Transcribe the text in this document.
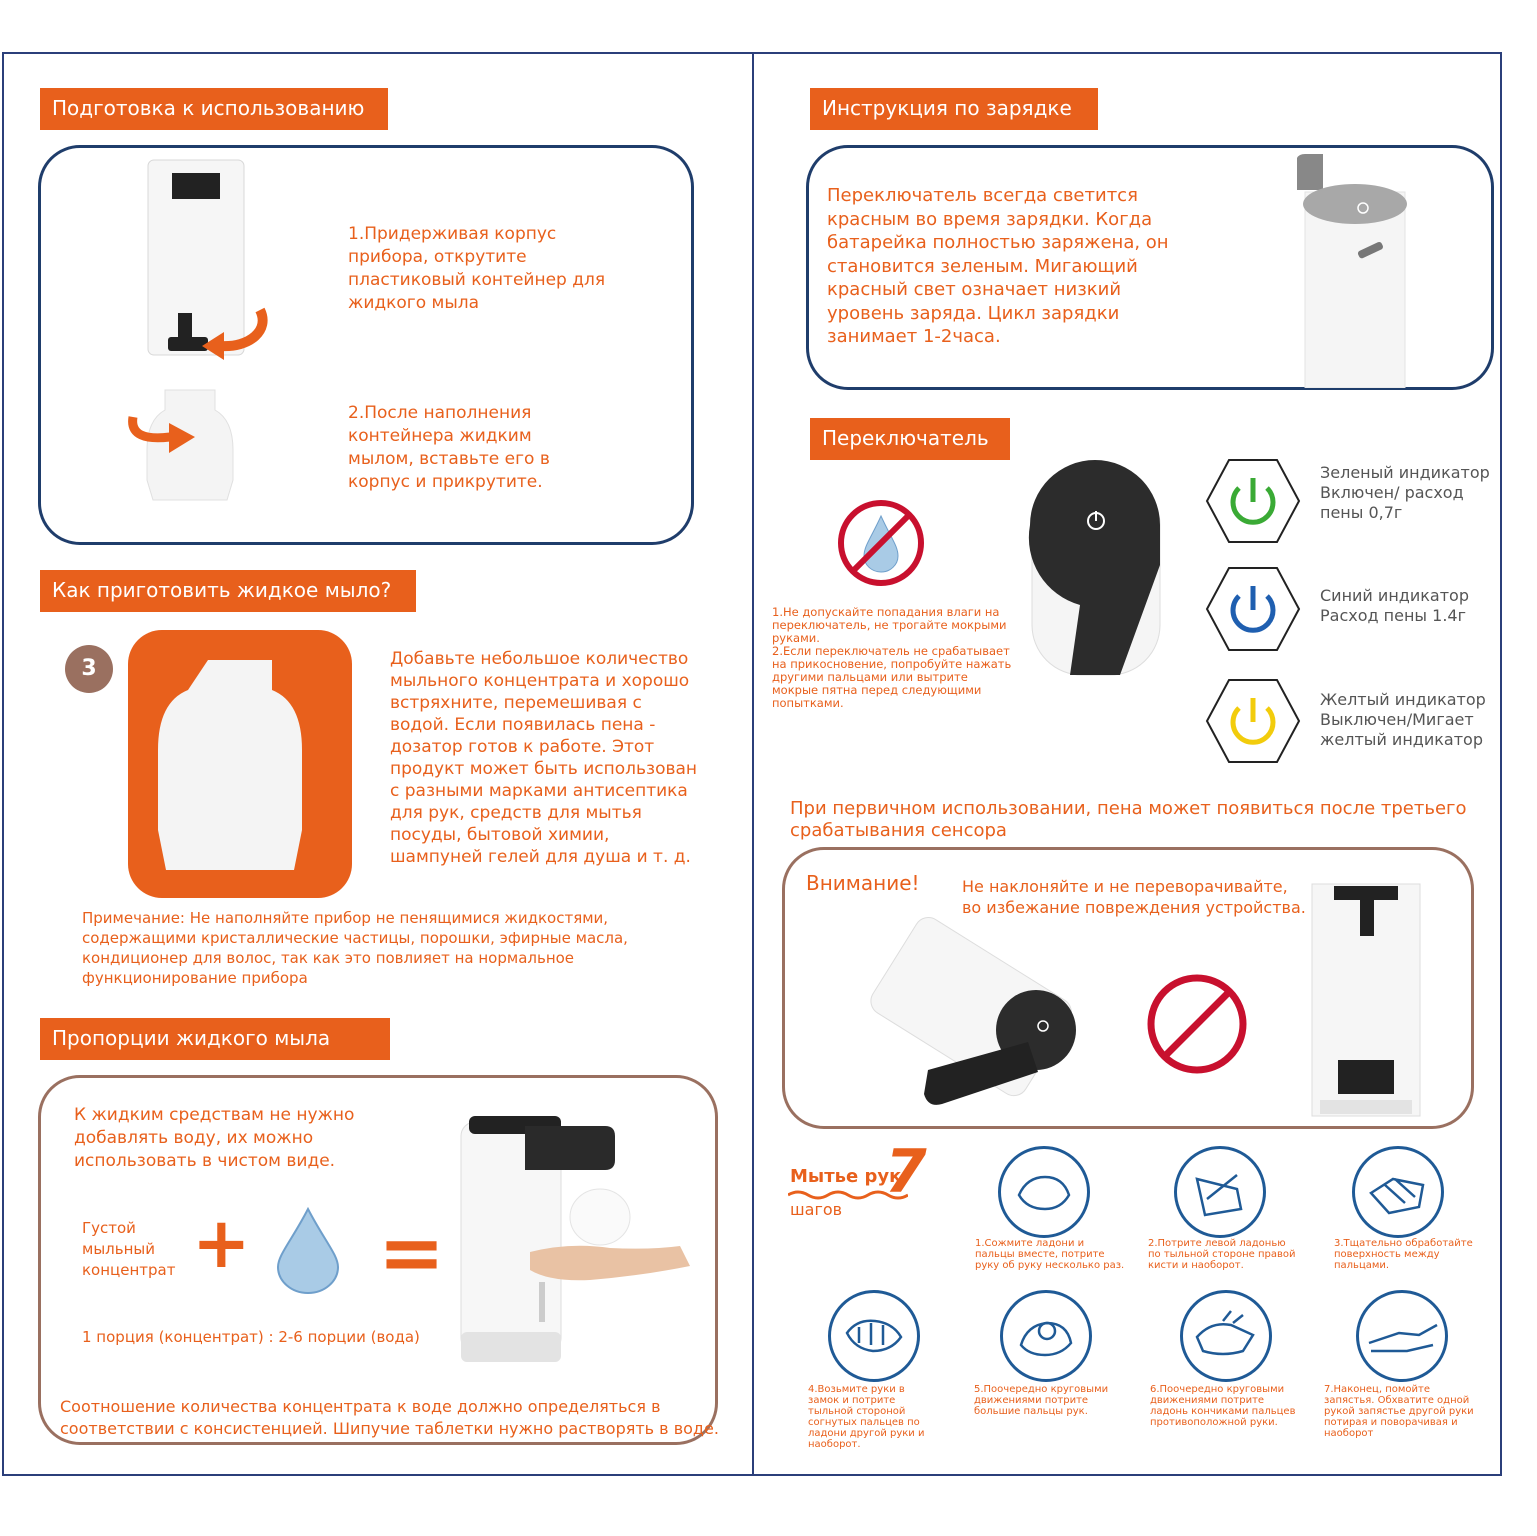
Подготовка к использованию
1.Придерживая корпус прибора, открутите пластиковый контейнер для жидкого мыла
2.После наполнения контейнера жидким мылом, вставьте его в корпус и прикрутите.
Как приготовить жидкое мыло?
3	Добавьте небольшое количество мыльного концентрата и хорошо встряхните, перемешивая с водой. Если появилась пена - дозатор готов к работе. Этот продукт может быть использован с разными марками антисептика для рук, средств для мытья посуды, бытовой химии, шампуней гелей для душа и т. д.
Примечание: Не наполняйте прибор не пенящимися жидкостями, содержащими кристаллические частицы, порошки, эфирные масла, кондиционер для волос, так как это повлияет на нормальное функционирование прибора
Пропорции жидкого мыла
К жидким средствам не нужно добавлять воду, их можно использовать в чистом виде.
Густой мыльный концентрат + =
1 порция (концентрат) : 2-6 порции (вода)
Соотношение количества концентрата к воде должно определяться в соответствии с консистенцией. Шипучие таблетки нужно растворять в воде.
Инструкция по зарядке
Переключатель всегда светится красным во время зарядки. Когда батарейка полностью заряжена, он становится зеленым. Мигающий красный свет означает низкий уровень заряда. Цикл зарядки занимает 1-2часа.
Переключатель
1.Не допускайте попадания влаги на переключатель, не трогайте мокрыми руками.
2.Если переключатель не срабатывает на прикосновение, попробуйте нажать другими пальцами или вытрите мокрые пятна перед следующими попытками.
Зеленый индикатор Включен/ расход пены 0,7г
Синий индикатор Расход пены 1.4г
Желтый индикатор Выключен/Мигает желтый индикатор
При первичном использовании, пена может появиться после третьего срабатывания сенсора
Внимание!	Не наклоняйте и не переворачивайте, во избежание повреждения устройства.
Мытье рук.
7
шагов
1.Сожмите ладони и пальцы вместе, потрите руку об руку несколько раз.
2.Потрите левой ладонью по тыльной стороне правой кисти и наоборот.
3.Тщательно обработайте поверхность между пальцами.
4.Возьмите руки в замок и потрите тыльной стороной согнутых пальцев по ладони другой руки и наоборот.
5.Поочередно круговыми движениями потрите большие пальцы рук.
6.Поочередно круговыми движениями потрите ладонь кончиками пальцев противоположной руки.
7.Наконец, помойте запястья. Обхватите одной рукой запястье другой руки потирая и поворачивая и наоборот
